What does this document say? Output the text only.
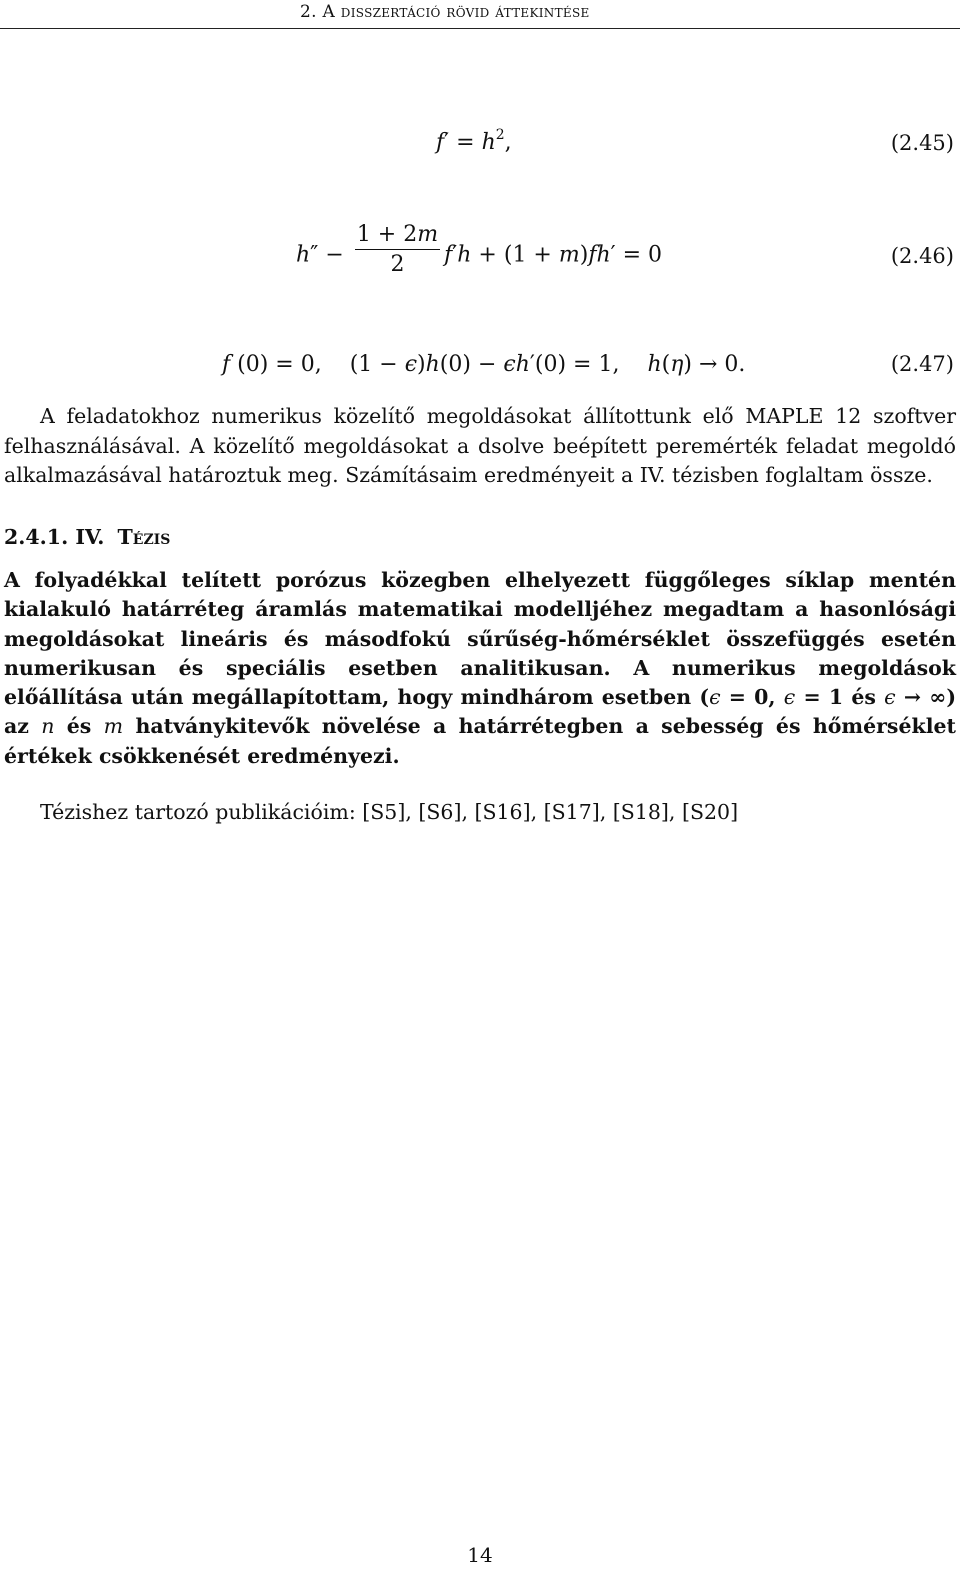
2. A disszertáció rövid áttekintése
$f' = h^2$,	(2.45)
$h'' - \frac{1 + 2m}{2} f'h + (1 + m)fh' = 0$	(2.46)
f (0) = 0,    (1 − ϵ)h(0) − ϵh′(0) = 1,    h(η) → 0.	(2.47)
A feladatokhoz numerikus közelítő megoldásokat állítottunk elő MAPLE 12 szoftver felhasználásával. A közelítő megoldásokat a dsolve beépített peremérték feladat megoldó alkalmazásával határoztuk meg. Számításaim eredményeit a IV. tézisben foglaltam össze.
2.4.1. IV. Tézis
A folyadékkal telített porózus közegben elhelyezett függőleges síklap mentén kialakuló határréteg áramlás matematikai modelljéhez megadtam a hasonlósági megoldásokat lineáris és másodfokú sűrűség-hőmérséklet összefüggés esetén numerikusan és speciális esetben analitikusan. A numerikus megoldások előállítása után megállapítottam, hogy mindhárom esetben (ϵ = 0, ϵ = 1 és ϵ → ∞) az n és m hatványkitevők növelése a határrétegben a sebesség és hőmérséklet értékek csökkenését eredményezi.
Tézishez tartozó publikációim: [S5], [S6], [S16], [S17], [S18], [S20]
14
